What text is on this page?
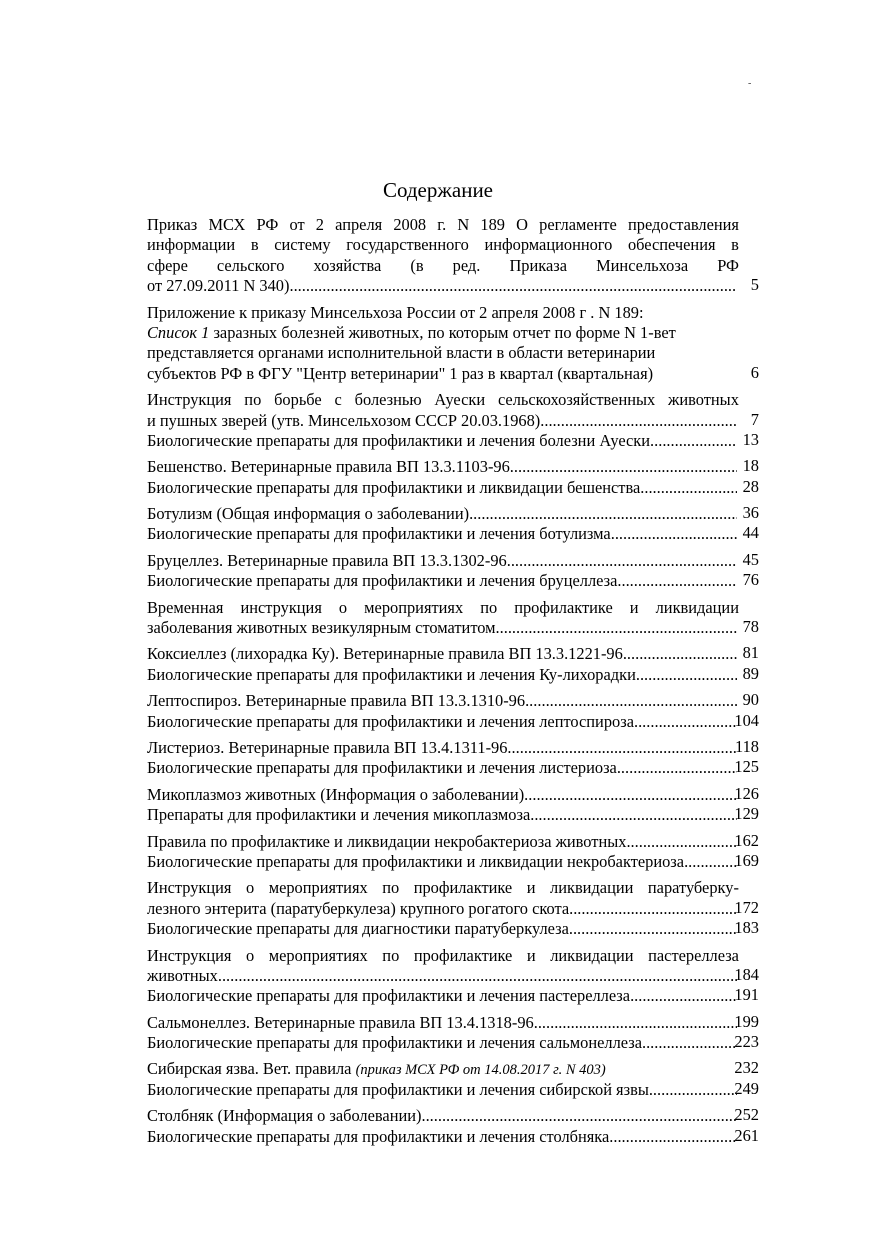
-
Содержание
Приказ МСХ РФ от 2 апреля 2008 г. N 189 О регламенте предоставления
информации в систему государственного информационного обеспечения в
сфере сельского хозяйства (в ред. Приказа Минсельхоза РФ
от 27.09.2011 N 340) .....	5
Приложение к приказу Минсельхоза России от 2 апреля 2008 г . N 189:
Список 1 заразных болезней животных, по которым отчет по форме N 1-вет
представляется органами исполнительной власти в области ветеринарии
субъектов РФ в ФГУ "Центр ветеринарии" 1 раз в квартал (квартальная)	6
Инструкция по борьбе с болезнью Ауески сельскохозяйственных животных
и пушных зверей (утв. Минсельхозом СССР 20.03.1968) .....	7
Биологические препараты для профилактики и лечения болезни Ауески .....	13
Бешенство. Ветеринарные правила ВП 13.3.1103-96 .....	18
Биологические препараты для профилактики и ликвидации бешенства .....	28
Ботулизм (Общая информация о заболевании) .....	36
Биологические препараты для профилактики и лечения ботулизма .....	44
Бруцеллез. Ветеринарные правила ВП 13.3.1302-96 .....	45
Биологические препараты для профилактики и лечения бруцеллеза .....	76
Временная инструкция о мероприятиях по профилактике и ликвидации
заболевания животных везикулярным стоматитом .....	78
Коксиеллез (лихорадка Ку). Ветеринарные правила ВП 13.3.1221-96 .....	81
Биологические препараты для профилактики и лечения Ку-лихорадки .....	89
Лептоспироз. Ветеринарные правила ВП 13.3.1310-96 .....	90
Биологические препараты для профилактики и лечения лептоспироза .....	104
Листериоз. Ветеринарные правила ВП 13.4.1311-96 .....	118
Биологические препараты для профилактики и лечения листериоза .....	125
Микоплазмоз животных (Информация о заболевании) .....	126
Препараты для профилактики и лечения микоплазмоза .....	129
Правила по профилактике и ликвидации некробактериоза животных .....	162
Биологические препараты для профилактики и ликвидации некробактериоза .....	169
Инструкция о мероприятиях по профилактике и ликвидации паратуберку-
лезного энтерита (паратуберкулеза) крупного рогатого скота .....	172
Биологические препараты для диагностики паратуберкулеза .....	183
Инструкция о мероприятиях по профилактике и ликвидации пастереллеза
животных .....	184
Биологические препараты для профилактики и лечения пастереллеза .....	191
Сальмонеллез. Ветеринарные правила ВП 13.4.1318-96 .....	199
Биологические препараты для профилактики и лечения сальмонеллеза .....	223
Сибирская язва. Вет. правила (приказ МСХ РФ от 14.08.2017 г. N 403)	232
Биологические препараты для профилактики и лечения сибирской язвы .....	249
Столбняк (Информация о заболевании) .....	252
Биологические препараты для профилактики и лечения столбняка .....	261
